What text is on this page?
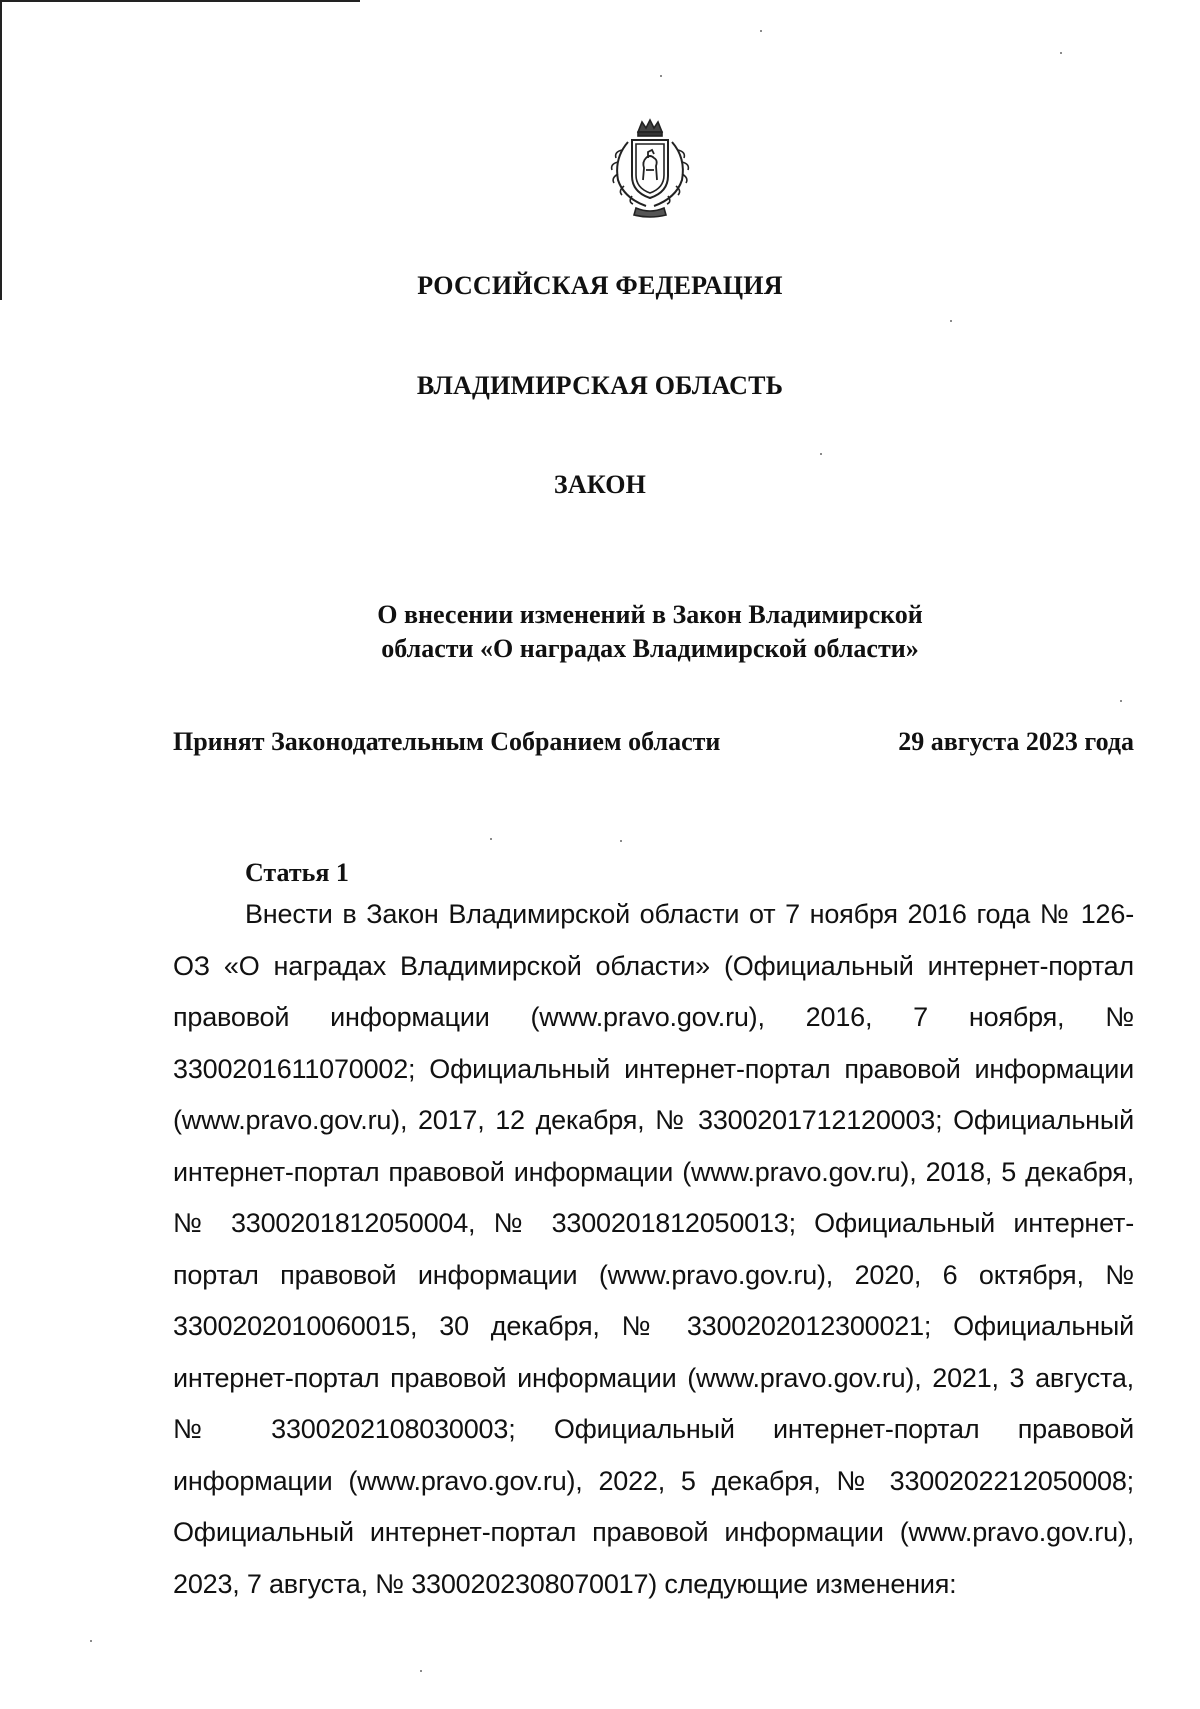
РОССИЙСКАЯ ФЕДЕРАЦИЯ
ВЛАДИМИРСКАЯ ОБЛАСТЬ
ЗАКОН
О внесении изменений в Закон Владимирской
области «О наградах Владимирской области»
Принят Законодательным Собранием области	29 августа 2023 года
Статья 1
Внести в Закон Владимирской области от 7 ноября 2016 года № 126-ОЗ «О наградах Владимирской области» (Официальный интернет-портал правовой информации (www.pravo.gov.ru), 2016, 7 ноября, № 3300201611070002; Официальный интернет-портал правовой информации (www.pravo.gov.ru), 2017, 12 декабря, № 3300201712120003; Официальный интернет-портал правовой информации (www.pravo.gov.ru), 2018, 5 декабря, № 3300201812050004, № 3300201812050013; Официальный интернет-портал правовой информации (www.pravo.gov.ru), 2020, 6 октября, № 3300202010060015, 30 декабря, № 3300202012300021; Официальный интернет-портал правовой информации (www.pravo.gov.ru), 2021, 3 августа, № 3300202108030003; Официальный интернет-портал правовой информации (www.pravo.gov.ru), 2022, 5 декабря, № 3300202212050008; Официальный интернет-портал правовой информации (www.pravo.gov.ru), 2023, 7 августа, № 3300202308070017) следующие изменения:
